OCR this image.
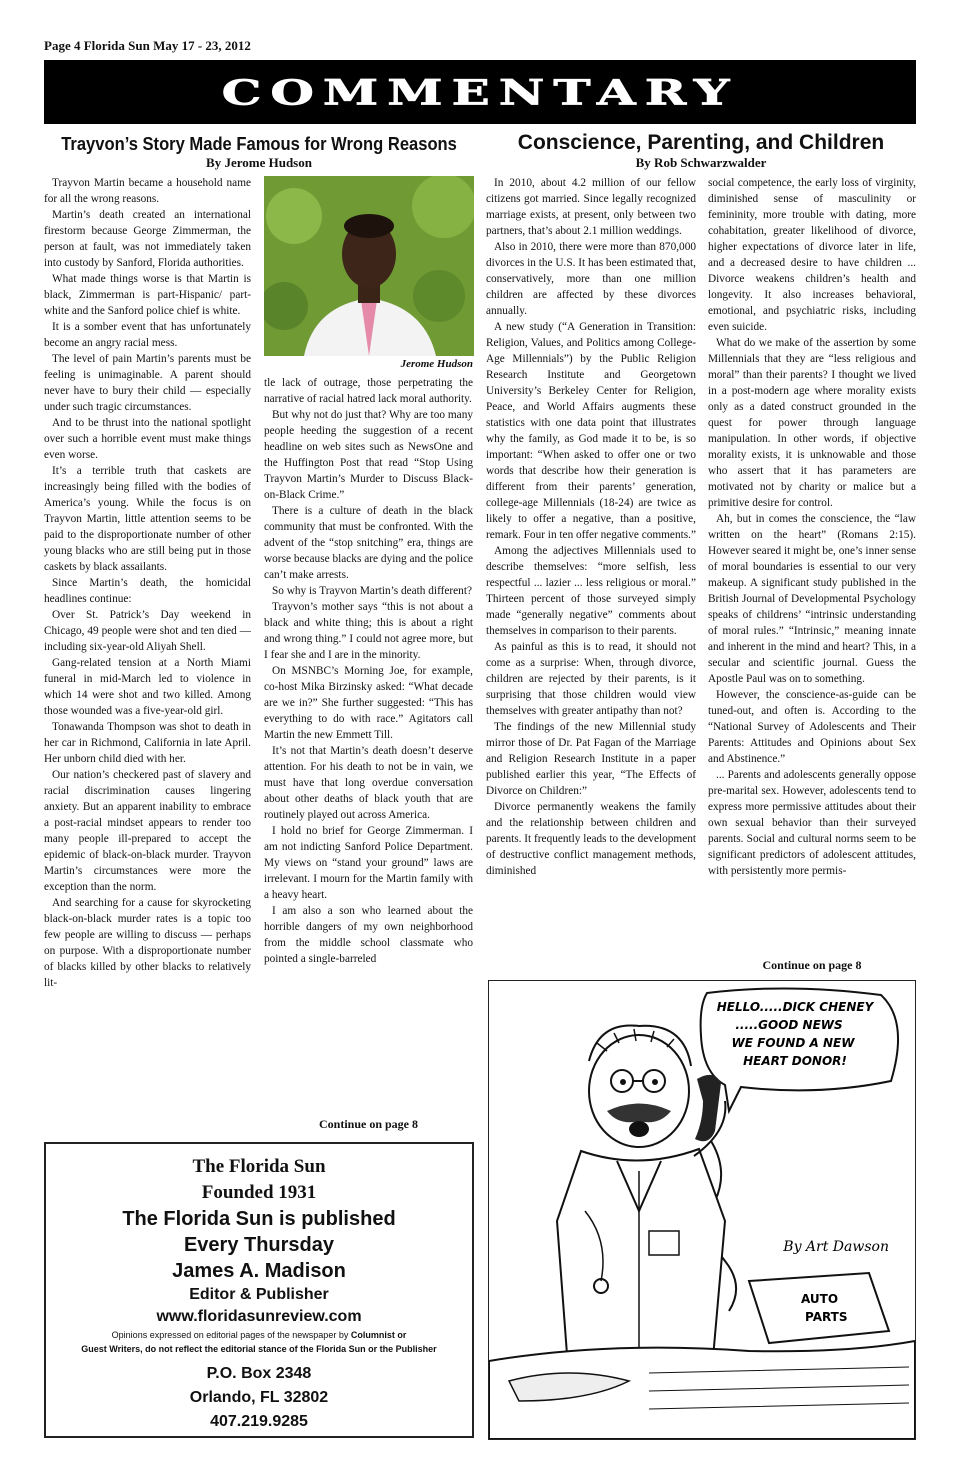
Page 4 Florida Sun May 17 - 23, 2012
COMMENTARY
Trayvon’s Story Made Famous for Wrong Reasons
By Jerome Hudson

Trayvon Martin became a household name for all the wrong reasons.

Martin’s death created an international firestorm because George Zimmerman, the person at fault, was not immediately taken into custody by Sanford, Florida authorities.

What made things worse is that Martin is black, Zimmerman is part-Hispanic/ part-white and the Sanford police chief is white.

It is a somber event that has unfortunately become an angry racial mess.

The level of pain Martin’s parents must be feeling is unimaginable. A parent should never have to bury their child — especially under such tragic circumstances.

And to be thrust into the national spotlight over such a horrible event must make things even worse.

It’s a terrible truth that caskets are increasingly being filled with the bodies of America’s young. While the focus is on Trayvon Martin, little attention seems to be paid to the disproportionate number of other young blacks who are still being put in those caskets by black assailants.

Since Martin’s death, the homicidal headlines continue:

Over St. Patrick’s Day weekend in Chicago, 49 people were shot and ten died — including six-year-old Aliyah Shell.

Gang-related tension at a North Miami funeral in mid-March led to violence in which 14 were shot and two killed. Among those wounded was a five-year-old girl.

Tonawanda Thompson was shot to death in her car in Richmond, California in late April. Her unborn child died with her.

Our nation’s checkered past of slavery and racial discrimination causes lingering anxiety. But an apparent inability to embrace a post-racial mindset appears to render too many people ill-prepared to accept the epidemic of black-on-black murder. Trayvon Martin’s circumstances were more the exception than the norm.

And searching for a cause for skyrocketing black-on-black murder rates is a topic too few people are willing to discuss — perhaps on purpose. With a disproportionate number of blacks killed by other blacks to relatively lit-

Jerome Hudson

tle lack of outrage, those perpetrating the narrative of racial hatred lack moral authority.

But why not do just that? Why are too many people heeding the suggestion of a recent headline on web sites such as NewsOne and the Huffington Post that read “Stop Using Trayvon Martin’s Murder to Discuss Black-on-Black Crime.”

There is a culture of death in the black community that must be confronted. With the advent of the “stop snitching” era, things are worse because blacks are dying and the police can’t make arrests.

So why is Trayvon Martin’s death different?

Trayvon’s mother says “this is not about a black and white thing; this is about a right and wrong thing.” I could not agree more, but I fear she and I are in the minority.

On MSNBC’s Morning Joe, for example, co-host Mika Birzinsky asked: “What decade are we in?” She further suggested: “This has everything to do with race.” Agitators call Martin the new Emmett Till.

It’s not that Martin’s death doesn’t deserve attention. For his death to not be in vain, we must have that long overdue conversation about other deaths of black youth that are routinely played out across America.

I hold no brief for George Zimmerman. I am not indicting Sanford Police Department. My views on “stand your ground” laws are irrelevant. I mourn for the Martin family with a heavy heart.

I am also a son who learned about the horrible dangers of my own neighborhood from the middle school classmate who pointed a single-barreled

Continue on page 8
Conscience, Parenting, and Children
By Rob Schwarzwalder

In 2010, about 4.2 million of our fellow citizens got married. Since legally recognized marriage exists, at present, only between two partners, that’s about 2.1 million weddings.

Also in 2010, there were more than 870,000 divorces in the U.S. It has been estimated that, conservatively, more than one million children are affected by these divorces annually.

A new study (“A Generation in Transition: Religion, Values, and Politics among College-Age Millennials”) by the Public Religion Research Institute and Georgetown University’s Berkeley Center for Religion, Peace, and World Affairs augments these statistics with one data point that illustrates why the family, as God made it to be, is so important: “When asked to offer one or two words that describe how their generation is different from their parents’ generation, college-age Millennials (18-24) are twice as likely to offer a negative, than a positive, remark. Four in ten offer negative comments.”

Among the adjectives Millennials used to describe themselves: “more selfish, less respectful ... lazier ... less religious or moral.” Thirteen percent of those surveyed simply made “generally negative” comments about themselves in comparison to their parents.

As painful as this is to read, it should not come as a surprise: When, through divorce, children are rejected by their parents, is it surprising that those children would view themselves with greater antipathy than not?

The findings of the new Millennial study mirror those of Dr. Pat Fagan of the Marriage and Religion Research Institute in a paper published earlier this year, “The Effects of Divorce on Children:”

Divorce permanently weakens the family and the relationship between children and parents. It frequently leads to the development of destructive conflict management methods, diminished

social competence, the early loss of virginity, diminished sense of masculinity or femininity, more trouble with dating, more cohabitation, greater likelihood of divorce, higher expectations of divorce later in life, and a decreased desire to have children ... Divorce weakens children’s health and longevity. It also increases behavioral, emotional, and psychiatric risks, including even suicide.

What do we make of the assertion by some Millennials that they are “less religious and moral” than their parents? I thought we lived in a post-modern age where morality exists only as a dated construct grounded in the quest for power through language manipulation. In other words, if objective morality exists, it is unknowable and those who assert that it has parameters are motivated not by charity or malice but a primitive desire for control.

Ah, but in comes the conscience, the “law written on the heart” (Romans 2:15). However seared it might be, one’s inner sense of moral boundaries is essential to our very makeup. A significant study published in the British Journal of Developmental Psychology speaks of childrens’ “intrinsic understanding of moral rules.” “Intrinsic,” meaning innate and inherent in the mind and heart? This, in a secular and scientific journal. Guess the Apostle Paul was on to something.

However, the conscience-as-guide can be tuned-out, and often is. According to the “National Survey of Adolescents and Their Parents: Attitudes and Opinions about Sex and Abstinence.”

... Parents and adolescents generally oppose pre-marital sex. However, adolescents tend to express more permissive attitudes about their own sexual behavior than their surveyed parents. Social and cultural norms seem to be significant predictors of adolescent attitudes, with persistently more permis-

Continue on page 8
The Florida Sun
Founded 1931
The Florida Sun is published
Every Thursday
James A. Madison
Editor & Publisher
www.floridasunreview.com
Opinions expressed on editorial pages of the newspaper by Columnist or
Guest Writers, do not reflect the editorial stance of the Florida Sun or the Publisher
P.O. Box 2348
Orlando, FL 32802
407.219.9285
HELLO.....DICK CHENEY
.....GOOD NEWS
WE FOUND A NEW
HEART DONOR!
AUTO
PARTS
By Art Dawson
